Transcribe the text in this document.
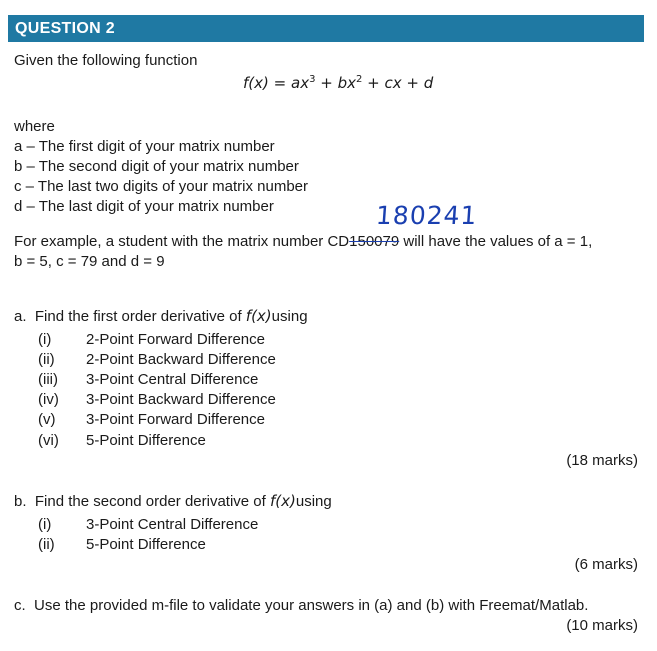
QUESTION 2
Given the following function
$f(x) = ax^3 + bx^2$ + cx + d
where
a – The first digit of your matrix number
b – The second digit of your matrix number
c – The last two digits of your matrix number
d – The last digit of your matrix number	180241
For example, a student with the matrix number CD150079 will have the values of a = 1,
b = 5, c = 79 and d = 9
a. Find the first order derivative of f(x)using
(i) 2-Point Forward Difference
(ii) 2-Point Backward Difference
(iii) 3-Point Central Difference
(iv) 3-Point Backward Difference
(v) 3-Point Forward Difference
(vi) 5-Point Difference
(18 marks)
b. Find the second order derivative of f(x)using
(i) 3-Point Central Difference
(ii) 5-Point Difference
(6 marks)
c. Use the provided m-file to validate your answers in (a) and (b) with Freemat/Matlab.
(10 marks)
